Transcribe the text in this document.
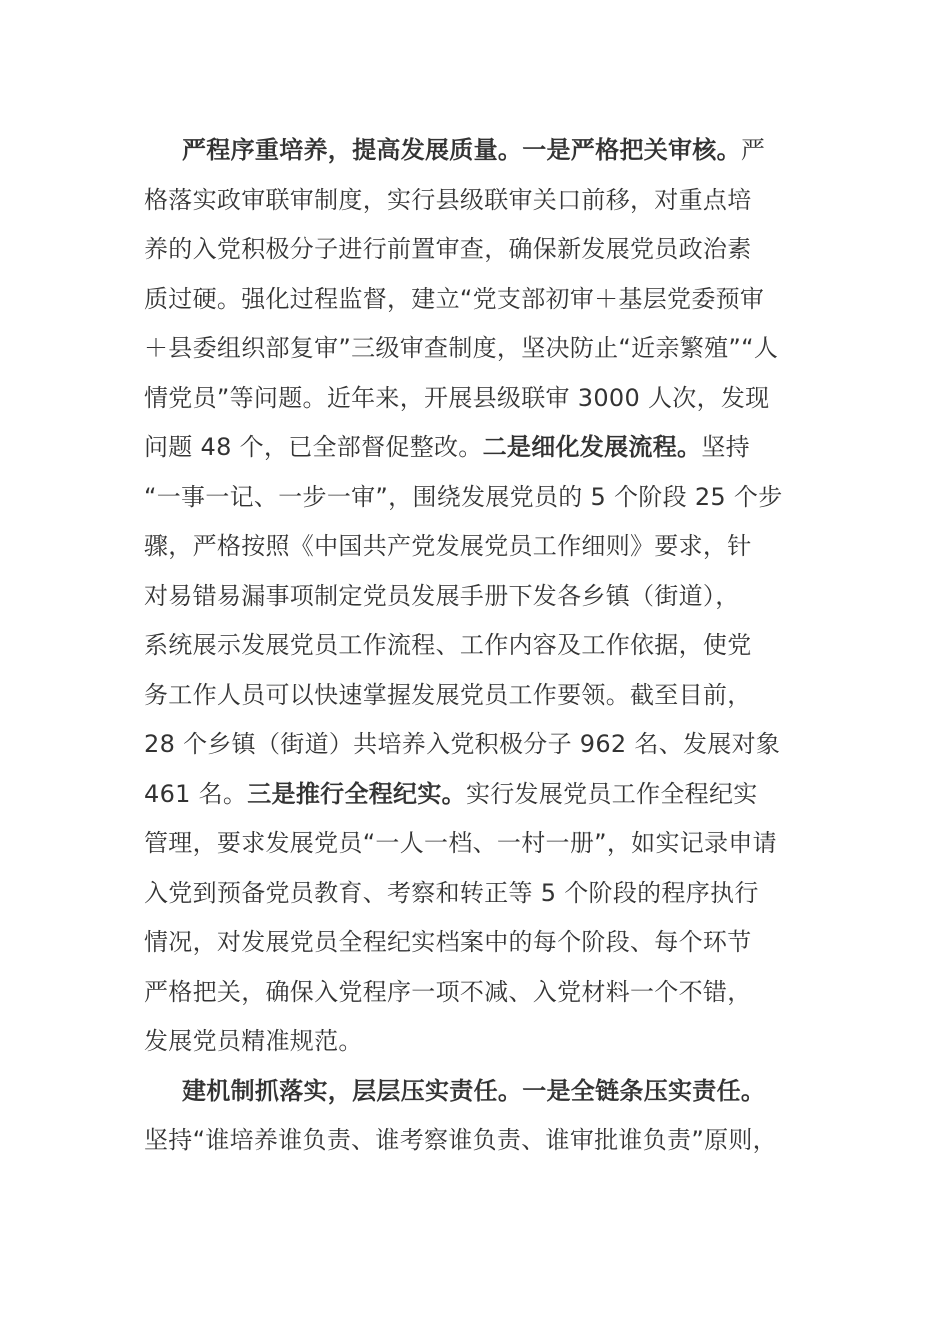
严程序重培养，提高发展质量。一是严格把关审核。严
格落实政审联审制度，实行县级联审关口前移，对重点培
养的入党积极分子进行前置审查，确保新发展党员政治素
质过硬。强化过程监督，建立“党支部初审＋基层党委预审
＋县委组织部复审”三级审查制度，坚决防止“近亲繁殖”“人
情党员”等问题。近年来，开展县级联审 3000 人次，发现
问题 48 个，已全部督促整改。二是细化发展流程。坚持
“一事一记、一步一审”，围绕发展党员的 5 个阶段 25 个步
骤，严格按照《中国共产党发展党员工作细则》要求，针
对易错易漏事项制定党员发展手册下发各乡镇（街道），
系统展示发展党员工作流程、工作内容及工作依据，使党
务工作人员可以快速掌握发展党员工作要领。截至目前，
28 个乡镇（街道）共培养入党积极分子 962 名、发展对象
461 名。三是推行全程纪实。实行发展党员工作全程纪实
管理，要求发展党员“一人一档、一村一册”，如实记录申请
入党到预备党员教育、考察和转正等 5 个阶段的程序执行
情况，对发展党员全程纪实档案中的每个阶段、每个环节
严格把关，确保入党程序一项不减、入党材料一个不错，
发展党员精准规范。
建机制抓落实，层层压实责任。一是全链条压实责任。
坚持“谁培养谁负责、谁考察谁负责、谁审批谁负责”原则，
